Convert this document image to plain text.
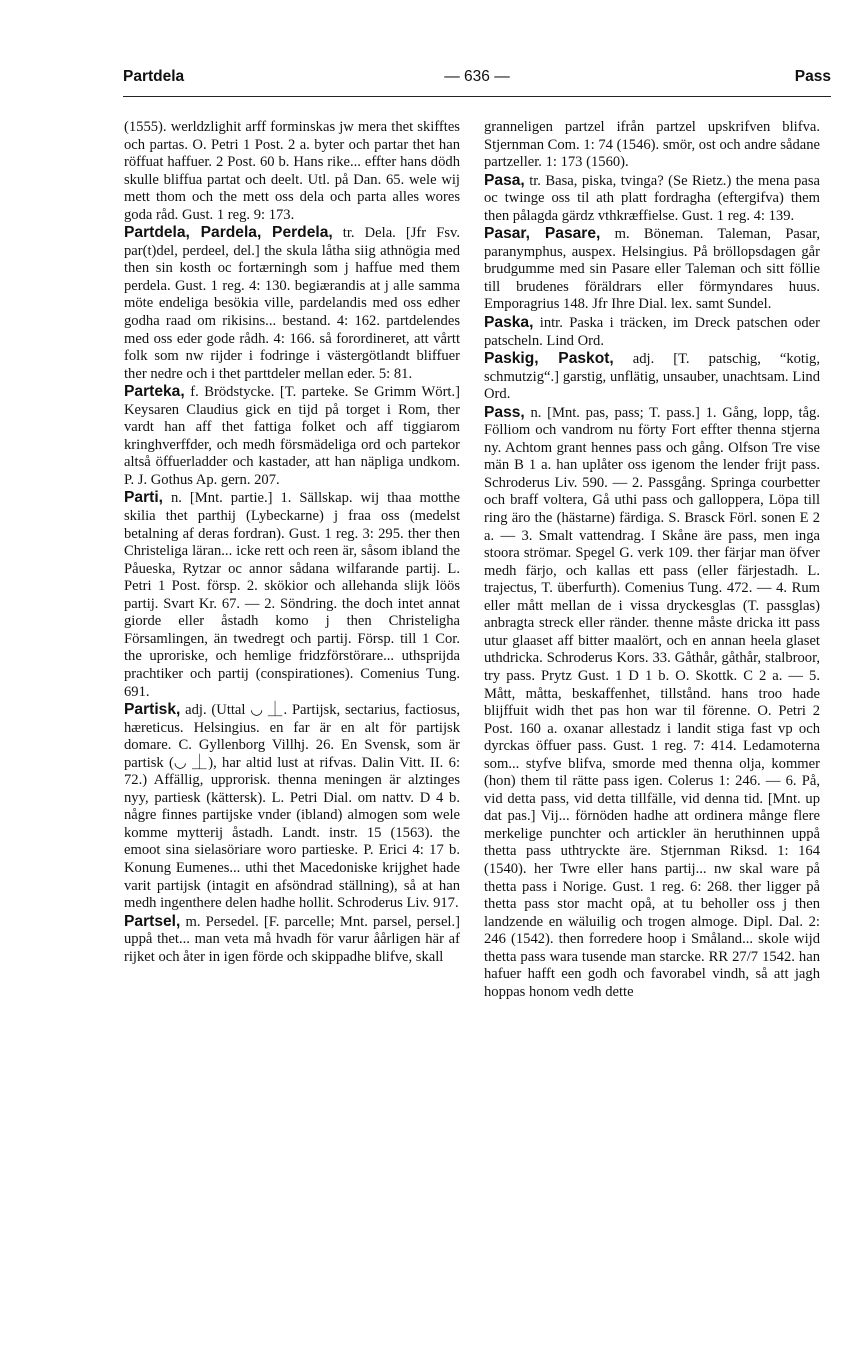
Partdela	— 636 —	Pass

(1555). werldzlighit arff forminskas jw mera thet skifftes och partas. O. Petri 1 Post. 2 a. byter och partar thet han röffuat haffuer. 2 Post. 60 b. Hans rike... effter hans dödh skulle bliffua partat och deelt. Utl. på Dan. 65. wele wij mett thom och the mett oss dela och parta alles wores goda råd. Gust. 1 reg. 9: 173.

Partdela, Pardela, Perdela, tr. Dela. [Jfr Fsv. par(t)del, perdeel, del.] the skula låtha siig athnögia med then sin kosth oc fortærningh som j haffue med them perdela. Gust. 1 reg. 4: 130. begiærandis at j alle samma möte endeliga besökia ville, pardelandis med oss edher godha raad om rikisins... bestand. 4: 162. partdelendes med oss eder gode rådh. 4: 166. så forordineret, att vårtt folk som nw rijder i fodringe i västergötlandt bliffuer ther nedre och i thet parttdeler mellan eder. 5: 81.

Parteka, f. Brödstycke. [T. parteke. Se Grimm Wört.] Keysaren Claudius gick en tijd på torget i Rom, ther vardt han aff thet fattiga folket och aff tiggiarom kringhverffder, och medh försmädeliga ord och partekor altså öffuerladder och kastader, att han näpliga undkom. P. J. Gothus Ap. gern. 207.

Parti, n. [Mnt. partie.] 1. Sällskap. wij thaa motthe skilia thet parthij (Lybeckarne) j fraa oss (medelst betalning af deras fordran). Gust. 1 reg. 3: 295. ther then Christeliga läran... icke rett och reen är, såsom ibland the Påueska, Rytzar oc annor sådana wilfarande partij. L. Petri 1 Post. försp. 2. skökior och allehanda slijk löös partij. Svart Kr. 67. — 2. Söndring. the doch intet annat giorde eller åstadh komo j then Christeligha Församlingen, än twedregt och partij. Försp. till 1 Cor. the uproriske, och hemlige fridzförstörare... uthsprijda prachtiker och partij (conspirationes). Comenius Tung. 691.

Partisk, adj. (Uttal ◡ ⏊. Partijsk, sectarius, factiosus, hæreticus. Helsingius. en far är en alt för partijsk domare. C. Gyllenborg Villhj. 26. En Svensk, som är partisk (◡ ⏊), har altid lust at rifvas. Dalin Vitt. II. 6: 72.) Affällig, upprorisk. thenna meningen är alztinges nyy, partiesk (kättersk). L. Petri Dial. om nattv. D 4 b. någre finnes partijske vnder (ibland) almogen som wele komme mytterij åstadh. Landt. instr. 15 (1563). the emoot sina sielasöriare woro partieske. P. Erici 4: 17 b. Konung Eumenes... uthi thet Macedoniske krijghet hade varit partijsk (intagit en afsöndrad ställning), så at han medh ingenthere delen hadhe hollit. Schroderus Liv. 917.

Partsel, m. Persedel. [F. parcelle; Mnt. parsel, persel.] uppå thet... man veta må hvadh för varur åårligen här af rijket och åter in igen förde och skippadhe blifve, skall

granneligen partzel ifrån partzel upskrifven blifva. Stjernman Com. 1: 74 (1546). smör, ost och andre sådane partzeller. 1: 173 (1560).

Pasa, tr. Basa, piska, tvinga? (Se Rietz.) the mena pasa oc twinge oss til ath platt fordragha (eftergifva) them then pålagda gärdz vthkræffielse. Gust. 1 reg. 4: 139.

Pasar, Pasare, m. Böneman. Taleman, Pasar, paranymphus, auspex. Helsingius. På bröllopsdagen går brudgumme med sin Pasare eller Taleman och sitt föllie till brudenes föräldrars eller förmyndares huus. Emporagrius 148. Jfr Ihre Dial. lex. samt Sundel.

Paska, intr. Paska i träcken, im Dreck patschen oder patscheln. Lind Ord.

Paskig, Paskot, adj. [T. patschig, “kotig, schmutzig“.] garstig, unflätig, unsauber, unachtsam. Lind Ord.

Pass, n. [Mnt. pas, pass; T. pass.] 1. Gång, lopp, tåg. Fölliom och vandrom nu förty Fort effter thenna stjerna ny. Achtom grant hennes pass och gång. Olfson Tre vise män B 1 a. han uplåter oss igenom the lender frijt pass. Schroderus Liv. 590. — 2. Passgång. Springa courbetter och braff voltera, Gå uthi pass och galloppera, Löpa till ring äro the (hästarne) färdiga. S. Brasck Förl. sonen E 2 a. — 3. Smalt vattendrag. I Skåne äre pass, men inga stoora strömar. Spegel G. verk 109. ther färjar man öfver medh färjo, och kallas ett pass (eller färjestadh. L. trajectus, T. überfurth). Comenius Tung. 472. — 4. Rum eller mått mellan de i vissa dryckesglas (T. passglas) anbragta streck eller ränder. thenne måste dricka itt pass utur glaaset aff bitter maalört, och en annan heela glaset uthdricka. Schroderus Kors. 33. Gåthår, gåthår, stalbroor, try pass. Prytz Gust. 1 D 1 b. O. Skottk. C 2 a. — 5. Mått, måtta, beskaffenhet, tillstånd. hans troo hade blijffuit widh thet pas hon war til förenne. O. Petri 2 Post. 160 a. oxanar allestadz i landit stiga fast vp och dyrckas öffuer pass. Gust. 1 reg. 7: 414. Ledamoterna som... styfve blifva, smorde med thenna olja, kommer (hon) them til rätte pass igen. Colerus 1: 246. — 6. På, vid detta pass, vid detta tillfälle, vid denna tid. [Mnt. up dat pas.] Vij... förnöden hadhe att ordinera månge flere merkelige punchter och artickler än heruthinnen uppå thetta pass uthtryckte äre. Stjernman Riksd. 1: 164 (1540). her Twre eller hans partij... nw skal ware på thetta pass i Norige. Gust. 1 reg. 6: 268. ther ligger på thetta pass stor macht opå, at tu beholler oss j then landzende en wäluilig och trogen almoge. Dipl. Dal. 2: 246 (1542). then forredere hoop i Småland... skole wijd thetta pass wara tusende man starcke. RR 27/7 1542. han hafuer hafft een godh och favorabel vindh, så att jagh hoppas honom vedh dette
